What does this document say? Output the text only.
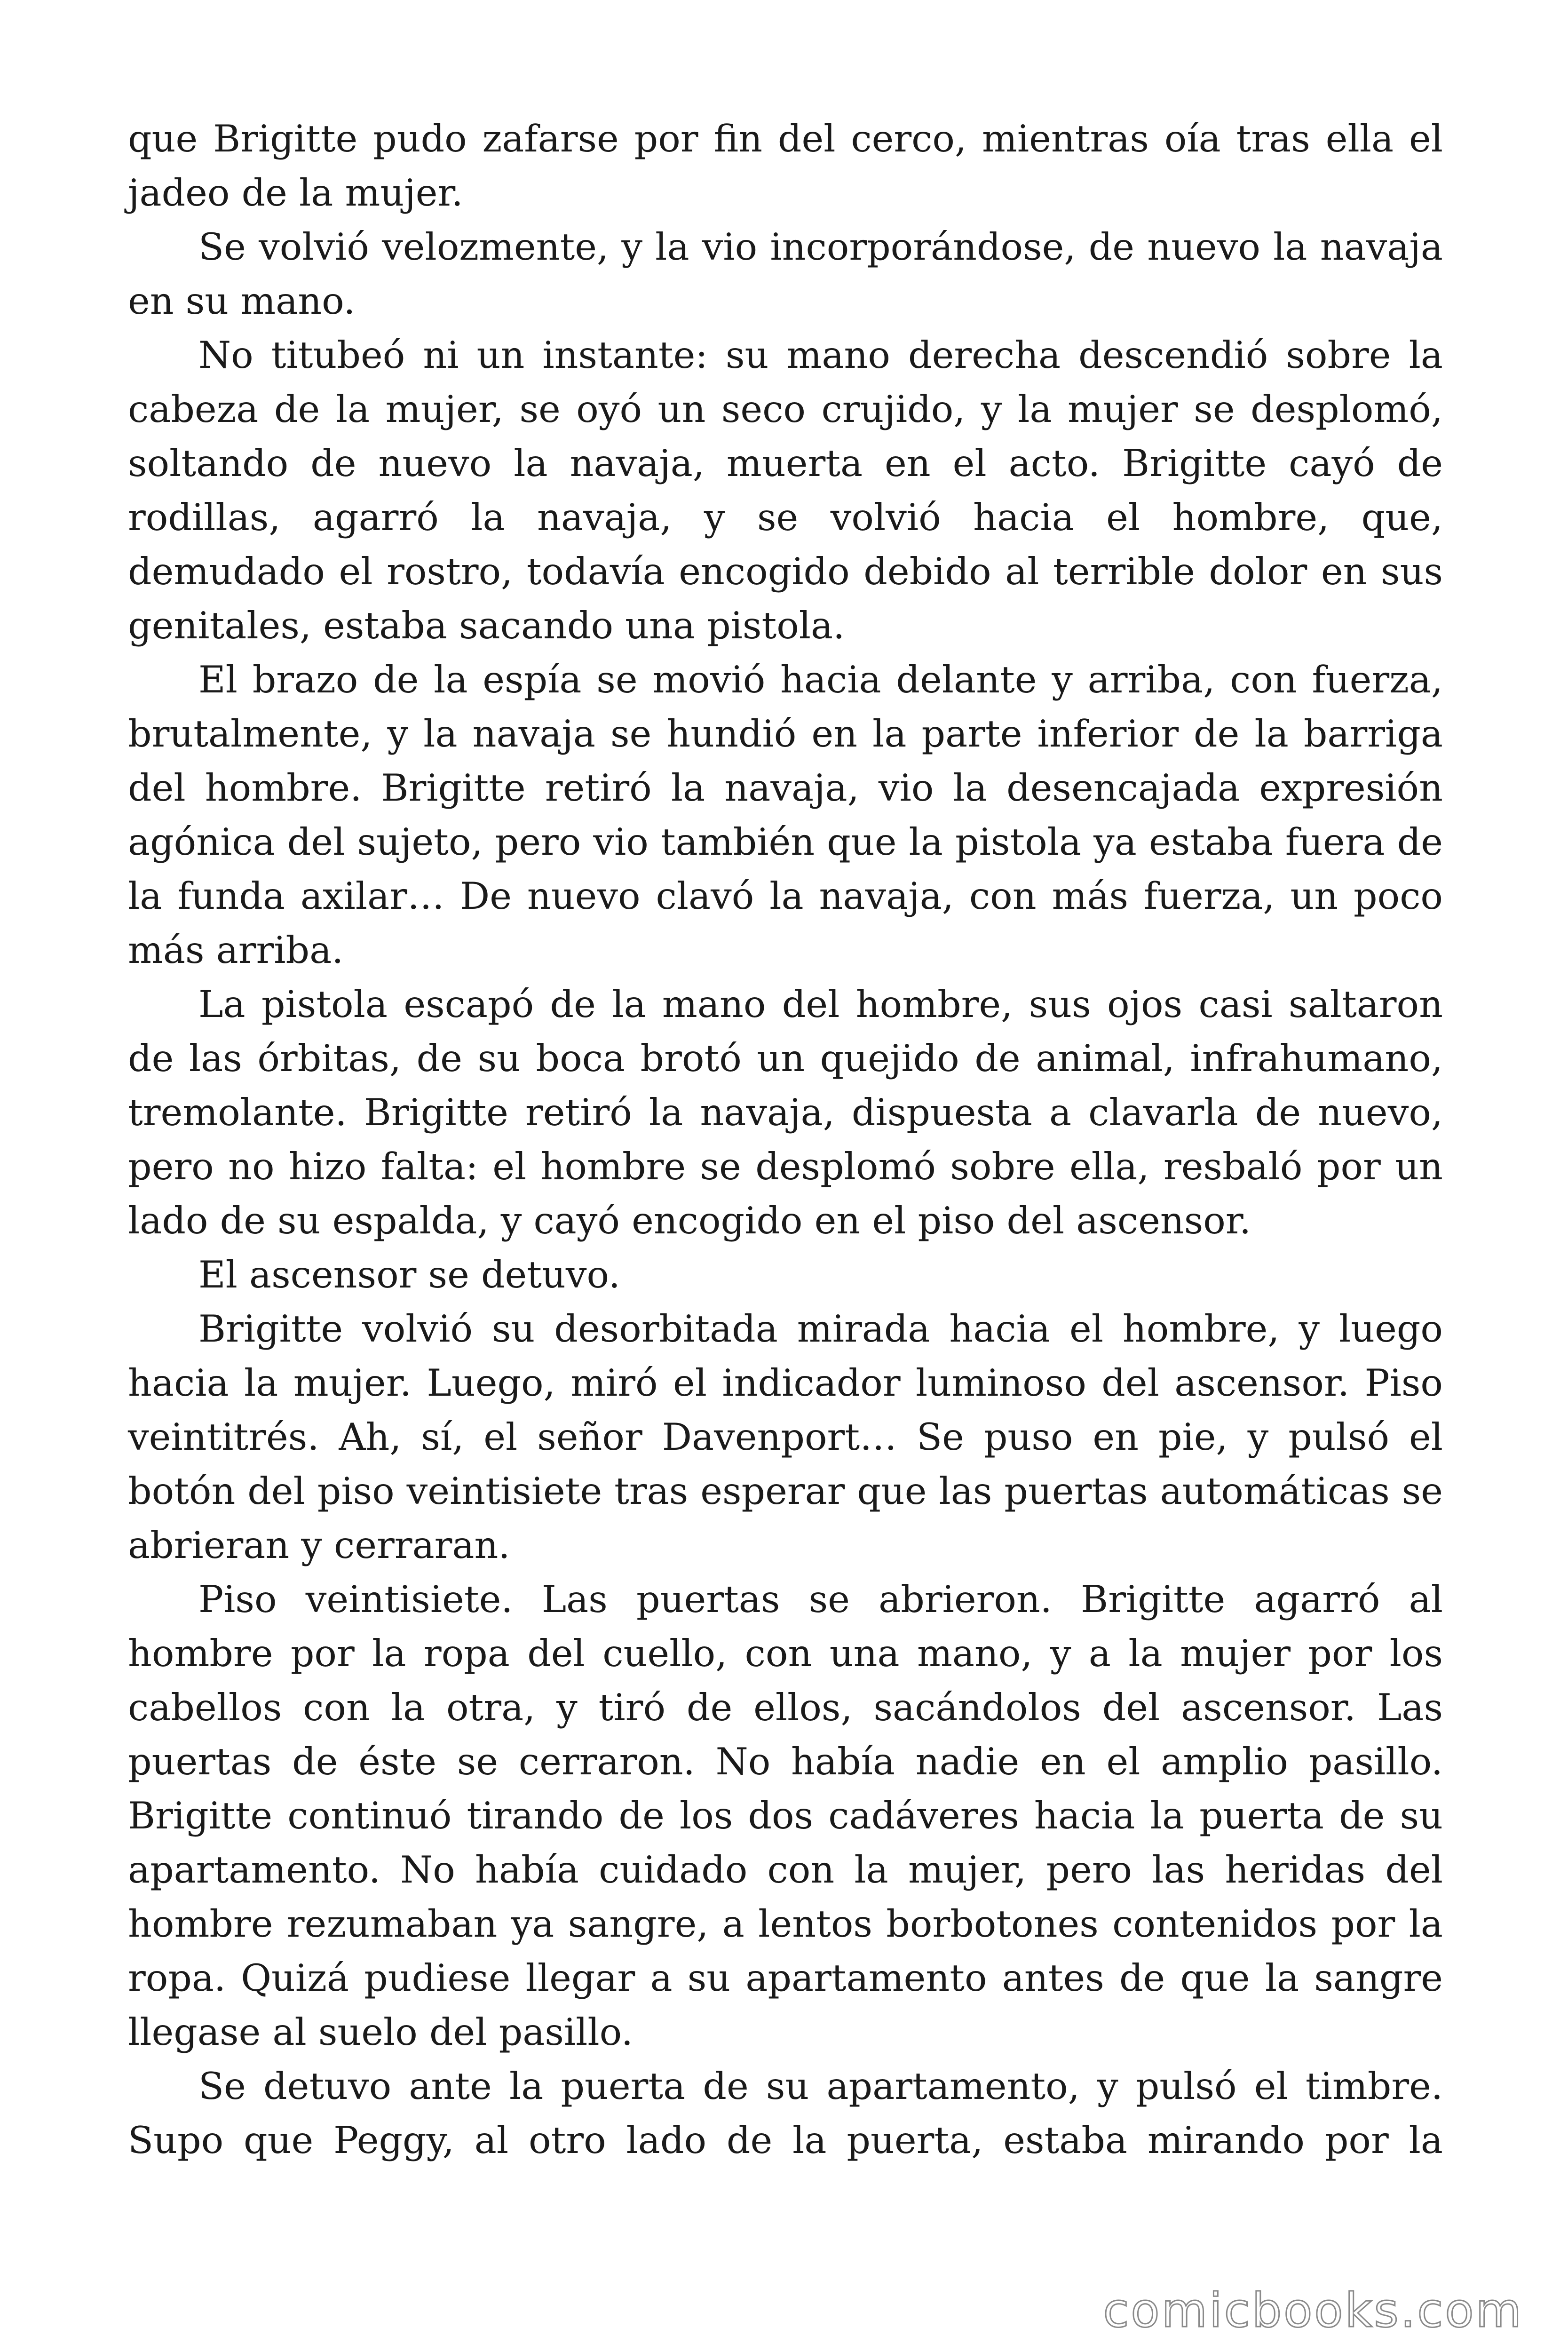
que Brigitte pudo zafarse por fin del cerco, mientras oía tras ella el jadeo de la mujer.

Se volvió velozmente, y la vio incorporándose, de nuevo la navaja en su mano.

No titubeó ni un instante: su mano derecha descendió sobre la cabeza de la mujer, se oyó un seco crujido, y la mujer se desplomó, soltando de nuevo la navaja, muerta en el acto. Brigitte cayó de rodillas, agarró la navaja, y se volvió hacia el hombre, que, demudado el rostro, todavía encogido debido al terrible dolor en sus genitales, estaba sacando una pistola.

El brazo de la espía se movió hacia delante y arriba, con fuerza, brutalmente, y la navaja se hundió en la parte inferior de la barriga del hombre. Brigitte retiró la navaja, vio la desencajada expresión agónica del sujeto, pero vio también que la pistola ya estaba fuera de la funda axilar… De nuevo clavó la navaja, con más fuerza, un poco más arriba.

La pistola escapó de la mano del hombre, sus ojos casi saltaron de las órbitas, de su boca brotó un quejido de animal, infrahumano, tremolante. Brigitte retiró la navaja, dispuesta a clavarla de nuevo, pero no hizo falta: el hombre se desplomó sobre ella, resbaló por un lado de su espalda, y cayó encogido en el piso del ascensor.

El ascensor se detuvo.

Brigitte volvió su desorbitada mirada hacia el hombre, y luego hacia la mujer. Luego, miró el indicador luminoso del ascensor. Piso veintitrés. Ah, sí, el señor Davenport… Se puso en pie, y pulsó el botón del piso veintisiete tras esperar que las puertas automáticas se abrieran y cerraran.

Piso veintisiete. Las puertas se abrieron. Brigitte agarró al hombre por la ropa del cuello, con una mano, y a la mujer por los cabellos con la otra, y tiró de ellos, sacándolos del ascensor. Las puertas de éste se cerraron. No había nadie en el amplio pasillo. Brigitte continuó tirando de los dos cadáveres hacia la puerta de su apartamento. No había cuidado con la mujer, pero las heridas del hombre rezumaban ya sangre, a lentos borbotones contenidos por la ropa. Quizá pudiese llegar a su apartamento antes de que la sangre llegase al suelo del pasillo.

Se detuvo ante la puerta de su apartamento, y pulsó el timbre. Supo que Peggy, al otro lado de la puerta, estaba mirando por la

comicbooks.com
